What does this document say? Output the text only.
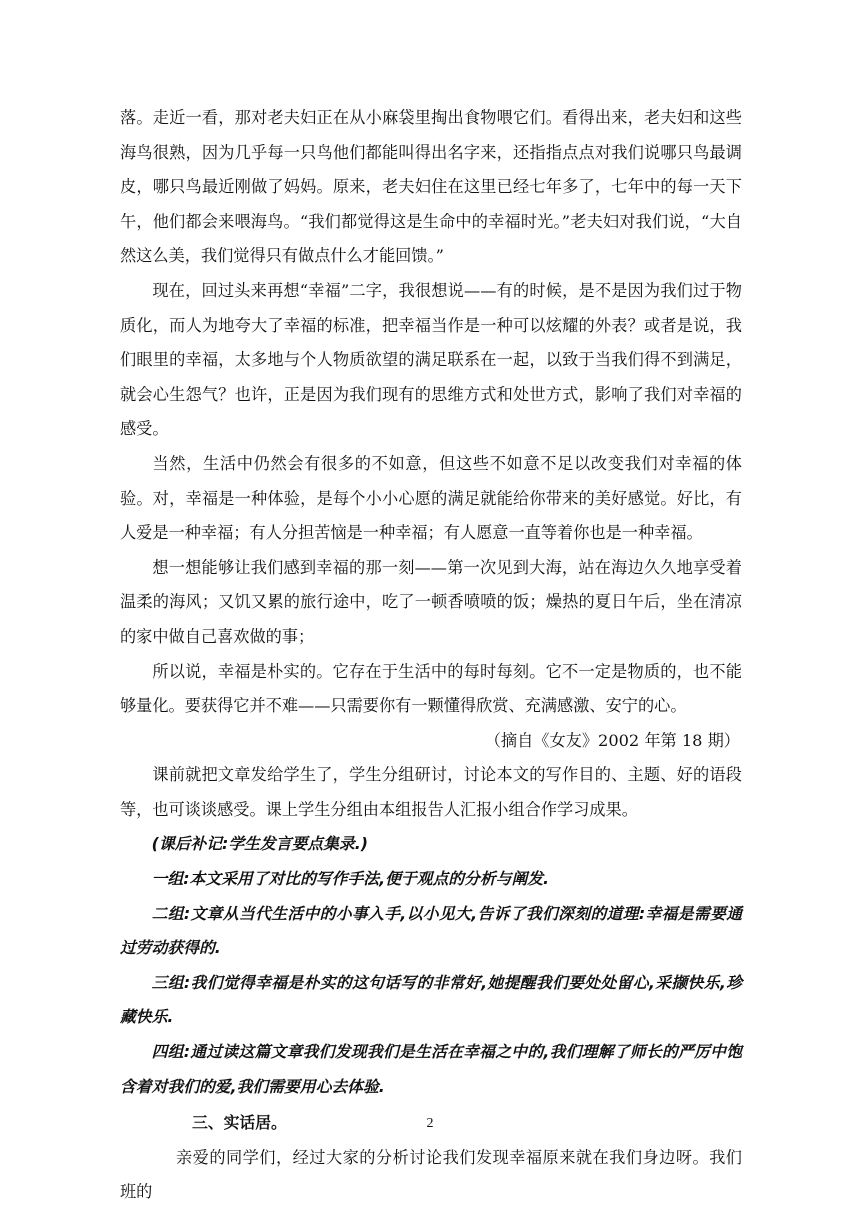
落。走近一看，那对老夫妇正在从小麻袋里掏出食物喂它们。看得出来，老夫妇和这些海鸟很熟，因为几乎每一只鸟他们都能叫得出名字来，还指指点点对我们说哪只鸟最调皮，哪只鸟最近刚做了妈妈。原来，老夫妇住在这里已经七年多了，七年中的每一天下午，他们都会来喂海鸟。“我们都觉得这是生命中的幸福时光。”老夫妇对我们说，“大自然这么美，我们觉得只有做点什么才能回馈。”

现在，回过头来再想“幸福”二字，我很想说——有的时候，是不是因为我们过于物质化，而人为地夸大了幸福的标准，把幸福当作是一种可以炫耀的外表？或者是说，我们眼里的幸福，太多地与个人物质欲望的满足联系在一起，以致于当我们得不到满足，就会心生怨气？也许，正是因为我们现有的思维方式和处世方式，影响了我们对幸福的感受。

当然，生活中仍然会有很多的不如意，但这些不如意不足以改变我们对幸福的体验。对，幸福是一种体验，是每个小小心愿的满足就能给你带来的美好感觉。好比，有人爱是一种幸福；有人分担苦恼是一种幸福；有人愿意一直等着你也是一种幸福。

想一想能够让我们感到幸福的那一刻——第一次见到大海，站在海边久久地享受着温柔的海风；又饥又累的旅行途中，吃了一顿香喷喷的饭；燥热的夏日午后，坐在清凉的家中做自己喜欢做的事；

所以说，幸福是朴实的。它存在于生活中的每时每刻。它不一定是物质的，也不能够量化。要获得它并不难——只需要你有一颗懂得欣赏、充满感激、安宁的心。

（摘自《女友》2002 年第 18 期）

课前就把文章发给学生了，学生分组研讨，讨论本文的写作目的、主题、好的语段等，也可谈谈感受。课上学生分组由本组报告人汇报小组合作学习成果。

(课后补记:学生发言要点集录.)

一组:本文采用了对比的写作手法,便于观点的分析与阐发.

二组:文章从当代生活中的小事入手,以小见大,告诉了我们深刻的道理:幸福是需要通过劳动获得的.

三组:我们觉得幸福是朴实的这句话写的非常好,她提醒我们要处处留心,采撷快乐,珍藏快乐.

四组:通过读这篇文章我们发现我们是生活在幸福之中的,我们理解了师长的严厉中饱含着对我们的爱,我们需要用心去体验.

三、实话居。

亲爱的同学们，经过大家的分析讨论我们发现幸福原来就在我们身边呀。我们班的

2
